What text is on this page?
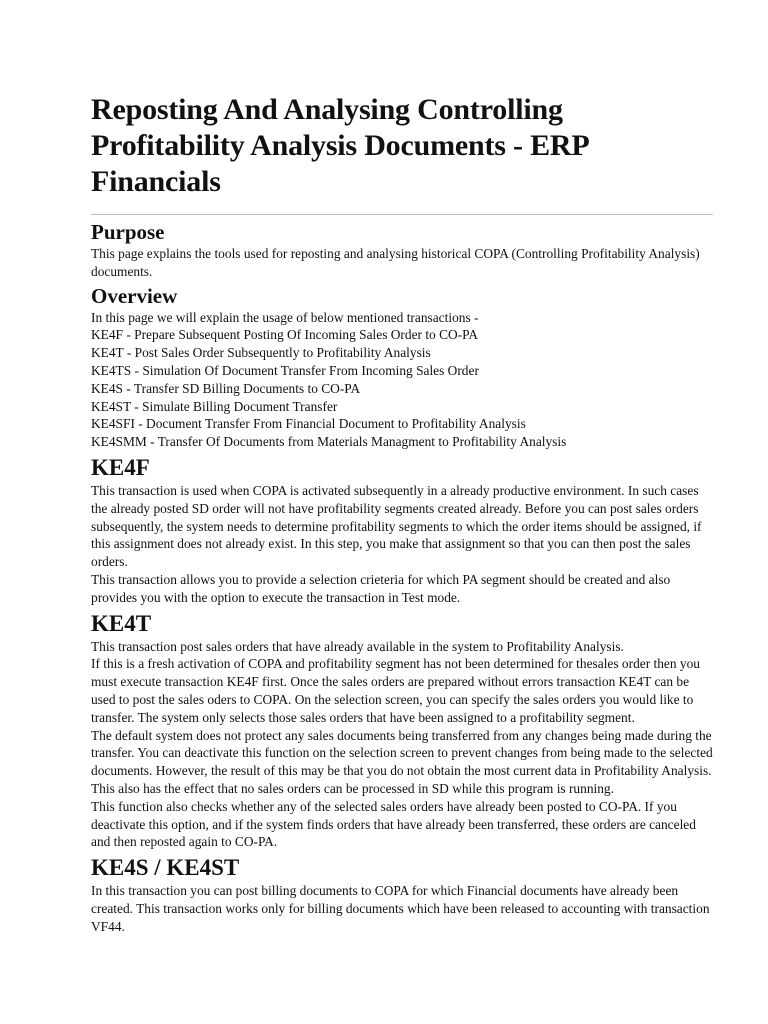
Reposting And Analysing Controlling Profitability Analysis Documents - ERP Financials
Purpose

This page explains the tools used for reposting and analysing historical COPA (Controlling Profitability Analysis) documents.

Overview
In this page we will explain the usage of below mentioned transactions -
KE4F - Prepare Subsequent Posting Of Incoming Sales Order to CO-PA
KE4T - Post Sales Order Subsequently to Profitability Analysis
KE4TS - Simulation Of Document Transfer From Incoming Sales Order
KE4S - Transfer SD Billing Documents to CO-PA
KE4ST - Simulate Billing Document Transfer
KE4SFI - Document Transfer From Financial Document to Profitability Analysis
KE4SMM - Transfer Of Documents from Materials Managment to Profitability Analysis
KE4F

This transaction is used when COPA is activated subsequently in a already productive environment. In such cases the already posted SD order will not have profitability segments created already. Before you can post sales orders subsequently, the system needs to determine profitability segments to which the order items should be assigned, if this assignment does not already exist. In this step, you make that assignment so that you can then post the sales orders.

This transaction allows you to provide a selection crieteria for which PA segment should be created and also provides you with the option to execute the transaction in Test mode.

KE4T

This transaction post sales orders that have already available in the system to Profitability Analysis.

If this is a fresh activation of COPA and profitability segment has not been determined for thesales order then you must execute transaction KE4F first. Once the sales orders are prepared without errors transaction KE4T can be used to post the sales oders to COPA. On the selection screen, you can specify the sales orders you would like to transfer. The system only selects those sales orders that have been assigned to a profitability segment.

The default system does not protect any sales documents being transferred from any changes being made during the transfer. You can deactivate this function on the selection screen to prevent changes from being made to the selected documents. However, the result of this may be that you do not obtain the most current data in Profitability Analysis. This also has the effect that no sales orders can be processed in SD while this program is running.

This function also checks whether any of the selected sales orders have already been posted to CO-PA. If you deactivate this option, and if the system finds orders that have already been transferred, these orders are canceled and then reposted again to CO-PA.

KE4S / KE4ST

In this transaction you can post billing documents to COPA for which Financial documents have already been created. This transaction works only for billing documents which have been released to accounting with transaction VF44.
